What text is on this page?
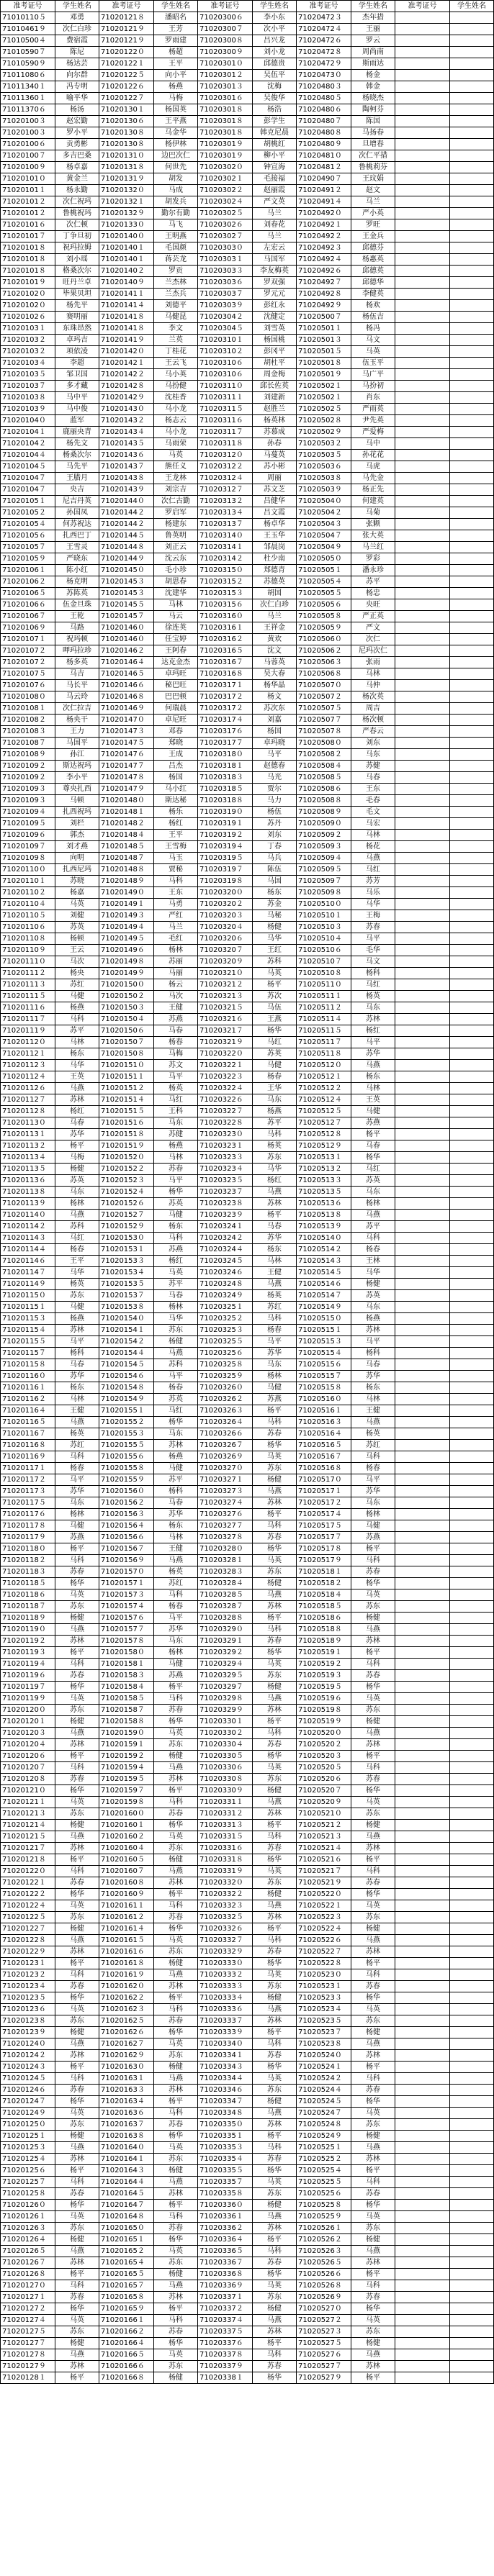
准考证号	学生姓名	准考证号	学生姓名	准考证号	学生姓名	准考证号	学生姓名	准考证号	学生姓名
71010110５	邓勇	71020121８	潘昭名	71020300６	李小东	71020472３	杰年措		
71010461９	次仁白珍	71020121９	王芳	71020300７	次小平	71020472４	王丽		
71010500４	费宿霞	71020121９	罗雨建	71020300８	吕兴龙	71020472６	罗云		
71010590７	陈尼	71020122０	杨超	71020300９	刘小龙	71020472８	周尚南		
71010590９	杨达芸	71020122１	王平	71020301０	邱德贵	71020472９	斯雨达		
71011080６	向尔群	71020122５	向小平	71020301２	吴伍平	71020473０	杨金		
71011340１	冯专明	71020122６	杨燕	71020301３	沈梅	71020480３	韩金		
71011360１	喻平华	71020122７	马梅	71020301６	吴俊华	71020480５	杨晓杰		
71011370６	杨汤	71020130１	杨国英	71020301８	杨浩	71020480６	陶柯芬		
71020100３	赵宏勤	71020130６	王平燕	71020301８	彭学生	71020480７	陈国		
71020100３	罗小平	71020130８	马金华	71020301８	韩克尼晨	71020480８	马扬春		
71020100６	贡勇彬	71020130８	杨伊林	71020301９	胡桃红	71020480９	旦增春		
71020100７	多吉巴桑	71020131０	边巴次仁	71020301９	柳小平	71020481０	次仁平措		
71020100９	杨卓嘉	71020131８	何世先	71020302０	钟宣海	71020481２	鲁桃莉芬		
71020101０	黄金兰	71020131９	胡发	71020302１	毛接福	71020490７	王玟娟		
71020101１	杨永勤	71020132０	马成	71020302２	赵丽霞	71020491２	赵文		
71020101２	次仁祝玛	71020132１	胡发兵	71020302４	严文英	71020491４	马兰		
71020101２	鲁桃祝玛	71020132９	勤尔有勤	71020302５	马兰	71020492０	严小英		
71020101６	次仁顿	71020133０	马飞	71020302６	刘春花	71020492１	罗旺		
71020101７	丁争旦初	71020140０	王明燕	71020302７	马兰	71020492２	王金兵		
71020101８	祝玛拉姆	71020140１	毛国颜	71020303０	左宏云	71020492３	邱德芬		
71020101８	刘小瑶	71020140１	蒋芸龙	71020303１	马国军	71020492４	杨惠英		
71020101８	格桑次尔	71020140２	罗贡	71020303３	李友梅英	71020492６	邱德英		
71020101９	旺丹兰卓	71020140９	兰杰林	71020303６	罗双强	71020492７	邱德华		
71020102０	毕果贝坦	71020141１	兰杰兵	71020303７	罗元元	71020492８	李健英		
71020102０	杨先平	71020141４	刘德平	71020303９	彭红永	71020492９	杨欢		
71020102６	赛明丽	71020141８	马健昆	71020304２	沈健定	71020500７	杨伍吉		
71020103１	东珠昂然	71020141８	李文	71020304５	刘雪英	71020501１	杨冯		
71020103２	卓玛吉	71020141９	兰英	71020310１	杨国桃	71020501３	马文		
71020103２	项依凌	71020142０	丁桂花	71020310２	彭冈平	71020501５	马英		
71020103４	李超	71020142１	王云飞	71020310６	胡杜平	71020501８	伍玉平		
71020103５	邹卫国	71020142２	马小英	71020310６	周金梅	71020501９	马广平		
71020103７	多才藏	71020142８	马扮健	71020311０	邱长佐英	71020502１	马扮初		
71020103８	马中平	71020142９	沈桂香	71020311１	刘建新	71020502１	肖东		
71020103９	马中俊	71020143０	马小龙	71020311５	赵胜兰	71020502５	严雨英		
71020104０	蓝军	71020143２	杨志云	71020311６	杨英林	71020502８	尹先英		
71020104１	鹿丽央青	71020143４	马小龙	71020311７	苏慕成	71020502９	严爱梅		
71020104２	杨先文	71020143５	马雨荣	71020311８	孙春	71020503２	马中		
71020104４	杨桑次尔	71020143６	马英	71020312０	马蔓英	71020503５	孙花花		
71020104５	马先平	71020143７	熊任义	71020312２	苏小彬	71020503６	马虎		
71020104７	王腊月	71020143８	王龙林	71020312４	周丽	71020503８	马先金		
71020104７	央吉	71020143９	刘宗吉	71020312７	苏文芝	71020503９	杨正先		
71020105１	尼吉丹英	71020144０	次仁古勤	71020313２	吕健华	71020504０	何建英		
71020105２	孙国凤	71020144２	罗启军	71020313４	吕文霞	71020504２	马菊		
71020105４	何苏祝达	71020144２	杨建东	71020313７	杨卓华	71020504３	张颗		
71020105６	扎西巴丁	71020144５	鲁英明	71020314０	王玉华	71020504７	张大英		
71020105７	王雪灵	71020144８	刘正云	71020314１	邹晨岗	71020504９	马兰红		
71020105９	严晓东	71020144９	沈云东	71020314２	杜少南	71020505０	罗彩		
71020106１	陈小红	71020145０	毛小珍	71020315０	郑德青	71020505１	潘永珍		
71020106２	杨克明	71020145３	胡思春	71020315２	苏德英	71020505４	苏平		
71020106５	苏陈英	71020145３	沈建华	71020315３	胡国	71020505５	杨忠		
71020106６	伍金旦珠	71020145５	马林	71020315６	次仁白珍	71020505６	央旺		
71020106７	王乾	71020145７	马云	71020316０	马兰	71020505８	严正英		
71020106９	马路	71020146０	徐连英	71020316１	王祥金	71020505９	严文		
71020107１	祝玛顿	71020146０	任宝婷	71020316２	黄欢	71020506０	次仁		
71020107２	呷玛拉珍	71020146２	王阿春	71020316５	沈文	71020506２	尼玛次仁		
71020107２	杨多英	71020146４	达克金杰	71020316７	马蓉英	71020506３	张雨		
71020107５	马吉	71020146５	卓玛旺	71020316８	吴大春	71020506８	马林		
71020107６	马长平	71020146６	秘巴旺	71020317１	杨华晶	71020507０	马仲		
71020108０	马云玲	71020146８	巴巴顿	71020317２	杨文	71020507２	杨次英		
71020108１	次仁拉吉	71020146９	何瑞晨	71020317２	苏次东	71020507５	周吉		
71020108２	杨央干	71020147０	卓尼旺	71020317４	刘嘉	71020507７	杨次顿		
71020108３	王力	71020147３	邓春	71020317６	杨国	71020507８	严春云		
71020108７	马国平	71020147５	郑晓	71020317７	卓玛晓	71020508０	刘东		
71020108９	孙江	71020147６	王成	71020318０	马平	71020508２	马东		
71020109２	斯达祝玛	71020147７	吕杰	71020318１	赵德春	71020508４	苏健		
71020109２	李小平	71020147８	杨国	71020318３	马光	71020508５	马春		
71020109３	尊央扎西	71020147９	马小红	71020318５	贾尔	71020508６	王东		
71020109３	马顿	71020148０	斯达秘	71020318８	马力	71020508８	毛春		
71020109４	扎西祝玛	71020148１	杨乐	71020319０	杨伍	71020508９	毛文		
71020109５	刘栏	71020148２	杨红	71020319１	苏丹	71020509０	马宏		
71020109６	郭杰	71020148４	王平	71020319２	刘东	71020509２	马林		
71020109７	刘才燕	71020148５	王雪梅	71020319４	丁春	71020509３	杨花		
71020109８	向明	71020148７	马玉	71020319５	马兵	71020509４	马燕		
71020110０	扎西尼玛	71020148８	贾秘	71020319７	陈伍	71020509５	马红		
71020110１	苏晓	71020148９	马科	71020319８	马国	71020509７	苏芳		
71020110２	杨嘉	71020149０	王东	71020320０	杨东	71020509８	马乐		
71020110４	马英	71020149１	马勇	71020320２	苏金	71020510０	马华		
71020110５	刘健	71020149３	严红	71020320３	马秘	71020510１	王梅		
71020110６	苏英	71020149４	马兰	71020320４	杨健	71020510３	苏春		
71020110８	杨顿	71020149５	毛红	71020320６	马华	71020510４	马平		
71020110９	王云	71020149６	杨林	71020320７	王红	71020510６	毛华		
71020111０	马次	71020149８	苏丽	71020320９	苏科	71020510７	马文		
71020111２	杨央	71020149９	马丽	71020321０	马英	71020510８	杨科		
71020111３	苏红	71020150０	杨云	71020321２	杨平	71020511０	马红		
71020111５	马健	71020150２	马次	71020321３	苏次	71020511１	杨英		
71020111６	杨燕	71020150３	王健	71020321５	马伍	71020511２	马东		
71020111７	马科	71020150４	苏燕	71020321６	王燕	71020511４	苏林		
71020111９	苏平	71020150６	马春	71020321７	杨华	71020511５	杨红		
71020112０	马林	71020150７	杨春	71020321９	马红	71020511７	马平		
71020112１	杨东	71020150８	马梅	71020322０	苏英	71020511８	苏华		
71020112３	马华	71020151０	苏文	71020322１	马健	71020512０	马燕		
71020112４	王英	71020151１	马平	71020322３	杨春	71020512１	杨东		
71020112６	马燕	71020151２	杨英	71020322４	王华	71020512２	马林		
71020112７	苏林	71020151４	马红	71020322６	马东	71020512４	王英		
71020112８	杨红	71020151５	王科	71020322７	杨燕	71020512５	马健		
71020113０	马春	71020151６	马东	71020322８	苏平	71020512７	苏燕		
71020113１	苏华	71020151８	苏健	71020323０	马科	71020512８	杨平		
71020113２	杨平	71020151９	杨燕	71020323１	杨英	71020512９	马春		
71020113４	马梅	71020152０	马林	71020323３	苏东	71020513１	杨华		
71020113５	杨健	71020152２	苏春	71020323４	马华	71020513２	马红		
71020113６	苏英	71020152３	马平	71020323５	杨红	71020513３	苏英		
71020113８	马东	71020152４	杨华	71020323７	马燕	71020513５	马东		
71020113９	杨林	71020152６	苏英	71020323８	苏林	71020513６	杨林		
71020114０	马燕	71020152７	马健	71020323９	杨平	71020513８	马燕		
71020114２	苏科	71020152９	杨东	71020324１	马春	71020513９	苏平		
71020114３	马红	71020153０	马科	71020324２	苏华	71020514０	马科		
71020114４	杨春	71020153１	苏燕	71020324４	杨东	71020514２	杨春		
71020114６	王平	71020153３	杨红	71020324５	马林	71020514３	王林		
71020114７	马华	71020153４	马英	71020324６	王健	71020514５	马华		
71020114９	杨英	71020153５	苏平	71020324８	马燕	71020514６	杨健		
71020115０	苏东	71020153７	马春	71020324９	杨英	71020514７	苏英		
71020115１	马健	71020153８	杨林	71020325１	苏红	71020514９	马东		
71020115３	杨燕	71020154０	马华	71020325２	马科	71020515０	杨燕		
71020115４	苏林	71020154１	苏东	71020325３	杨春	71020515１	苏林		
71020115５	马平	71020154２	杨健	71020325５	马平	71020515３	马平		
71020115７	杨科	71020154４	马燕	71020325６	苏华	71020515４	杨科		
71020115８	马春	71020154５	苏科	71020325８	马东	71020515６	马春		
71020116０	苏华	71020154６	马平	71020325９	杨林	71020515７	苏华		
71020116１	杨东	71020154８	杨春	71020326０	马健	71020515８	杨东		
71020116２	马林	71020154９	苏英	71020326２	苏燕	71020516０	马林		
71020116４	王健	71020155１	马红	71020326３	杨平	71020516１	王健		
71020116５	马燕	71020155２	杨华	71020326４	马科	71020516３	马燕		
71020116７	杨英	71020155３	马东	71020326６	苏春	71020516４	杨英		
71020116８	苏红	71020155５	苏林	71020326７	杨华	71020516５	苏红		
71020116９	马科	71020155６	杨燕	71020326９	马英	71020516７	马科		
71020117１	杨春	71020155８	马健	71020327０	苏东	71020516８	杨春		
71020117２	马平	71020155９	苏平	71020327１	杨健	71020517０	马平		
71020117３	苏华	71020156０	杨科	71020327３	马燕	71020517１	苏华		
71020117５	马东	71020156２	马春	71020327４	苏林	71020517２	马东		
71020117６	杨林	71020156３	苏华	71020327６	杨平	71020517４	杨林		
71020117８	马健	71020156４	杨东	71020327７	马科	71020517５	马健		
71020117９	苏燕	71020156６	马林	71020327８	苏春	71020517７	苏燕		
71020118０	杨平	71020156７	王健	71020328０	杨华	71020517８	杨平		
71020118２	马科	71020156９	马燕	71020328１	马英	71020517９	马科		
71020118３	苏春	71020157０	杨英	71020328３	苏东	71020518１	苏春		
71020118５	杨华	71020157１	苏红	71020328４	杨健	71020518２	杨华		
71020118６	马英	71020157３	马科	71020328５	马燕	71020518４	马英		
71020118７	苏东	71020157４	杨春	71020328７	苏林	71020518５	苏东		
71020118９	杨健	71020157６	马平	71020328８	杨平	71020518６	杨健		
71020119０	马燕	71020157７	苏华	71020329０	马科	71020518８	马燕		
71020119２	苏林	71020157８	马东	71020329１	苏春	71020518９	苏林		
71020119３	杨平	71020158０	杨林	71020329２	杨华	71020519１	杨平		
71020119４	马科	71020158１	马健	71020329４	马英	71020519２	马科		
71020119６	苏春	71020158３	苏燕	71020329５	苏东	71020519３	苏春		
71020119７	杨华	71020158４	杨平	71020329７	杨健	71020519５	杨华		
71020119９	马英	71020158５	马科	71020329８	马燕	71020519６	马英		
71020120０	苏东	71020158７	苏春	71020329９	苏林	71020519８	苏东		
71020120１	杨健	71020158８	杨华	71020330１	杨平	71020519９	杨健		
71020120３	马燕	71020159０	马英	71020330２	马科	71020520０	马燕		
71020120４	苏林	71020159１	苏东	71020330４	苏春	71020520２	苏林		
71020120６	杨平	71020159２	杨健	71020330５	杨华	71020520３	杨平		
71020120７	马科	71020159４	马燕	71020330６	马英	71020520５	马科		
71020120８	苏春	71020159５	苏林	71020330８	苏东	71020520６	苏春		
71020121０	杨华	71020159７	杨平	71020330９	杨健	71020520７	杨华		
71020121１	马英	71020159８	马科	71020331１	马燕	71020520９	马英		
71020121３	苏东	71020160０	苏春	71020331２	苏林	71020521０	苏东		
71020121４	杨健	71020160１	杨华	71020331３	杨平	71020521２	杨健		
71020121５	马燕	71020160２	马英	71020331５	马科	71020521３	马燕		
71020121７	苏林	71020160４	苏东	71020331６	苏春	71020521４	苏林		
71020121８	杨平	71020160５	杨健	71020331８	杨华	71020521６	杨平		
71020122０	马科	71020160７	马燕	71020331９	马英	71020521７	马科		
71020122１	苏春	71020160８	苏林	71020332０	苏东	71020521９	苏春		
71020122２	杨华	71020160９	杨平	71020332２	杨健	71020522０	杨华		
71020122４	马英	71020161１	马科	71020332３	马燕	71020522１	马英		
71020122５	苏东	71020161２	苏春	71020332５	苏林	71020522３	苏东		
71020122７	杨健	71020161４	杨华	71020332６	杨平	71020522４	杨健		
71020122８	马燕	71020161５	马英	71020332７	马科	71020522６	马燕		
71020122９	苏林	71020161６	苏东	71020332９	苏春	71020522７	苏林		
71020123１	杨平	71020161８	杨健	71020333０	杨华	71020522８	杨平		
71020123２	马科	71020161９	马燕	71020333２	马英	71020523０	马科		
71020123４	苏春	71020162０	苏林	71020333３	苏东	71020523１	苏春		
71020123５	杨华	71020162２	杨平	71020333４	杨健	71020523３	杨华		
71020123６	马英	71020162３	马科	71020333６	马燕	71020523４	马英		
71020123８	苏东	71020162５	苏春	71020333７	苏林	71020523５	苏东		
71020123９	杨健	71020162６	杨华	71020333９	杨平	71020523７	杨健		
71020124０	马燕	71020162７	马英	71020334０	马科	71020523８	马燕		
71020124２	苏林	71020162９	苏东	71020334１	苏春	71020524０	苏林		
71020124３	杨平	71020163０	杨健	71020334３	杨华	71020524１	杨平		
71020124５	马科	71020163１	马燕	71020334４	马英	71020524２	马科		
71020124６	苏春	71020163３	苏林	71020334６	苏东	71020524４	苏春		
71020124７	杨华	71020163４	杨平	71020334７	杨健	71020524５	杨华		
71020124９	马英	71020163６	马科	71020334８	马燕	71020524７	马英		
71020125０	苏东	71020163７	苏春	71020335０	苏林	71020524８	苏东		
71020125１	杨健	71020163８	杨华	71020335１	杨平	71020524９	杨健		
71020125３	马燕	71020164０	马英	71020335３	马科	71020525１	马燕		
71020125４	苏林	71020164１	苏东	71020335４	苏春	71020525２	苏林		
71020125６	杨平	71020164３	杨健	71020335５	杨华	71020525４	杨平		
71020125７	马科	71020164４	马燕	71020335７	马英	71020525５	马科		
71020125８	苏春	71020164５	苏林	71020335８	苏东	71020525６	苏春		
71020126０	杨华	71020164７	杨平	71020336０	杨健	71020525８	杨华		
71020126１	马英	71020164８	马科	71020336１	马燕	71020525９	马英		
71020126３	苏东	71020165０	苏春	71020336２	苏林	71020526１	苏东		
71020126４	杨健	71020165１	杨华	71020336４	杨平	71020526２	杨健		
71020126５	马燕	71020165２	马英	71020336５	马科	71020526３	马燕		
71020126７	苏林	71020165４	苏东	71020336７	苏春	71020526５	苏林		
71020126８	杨平	71020165５	杨健	71020336８	杨华	71020526６	杨平		
71020127０	马科	71020165７	马燕	71020336９	马英	71020526８	马科		
71020127１	苏春	71020165８	苏林	71020337１	苏东	71020526９	苏春		
71020127２	杨华	71020165９	杨平	71020337２	杨健	71020527０	杨华		
71020127４	马英	71020166１	马科	71020337４	马燕	71020527２	马英		
71020127５	苏东	71020166２	苏春	71020337５	苏林	71020527３	苏东		
71020127７	杨健	71020166４	杨华	71020337６	杨平	71020527５	杨健		
71020127８	马燕	71020166５	马英	71020337８	马科	71020527６	马燕		
71020127９	苏林	71020166６	苏东	71020337９	苏春	71020527７	苏林		
71020128１	杨平	71020166８	杨健	71020338１	杨华	71020527９	杨平		
